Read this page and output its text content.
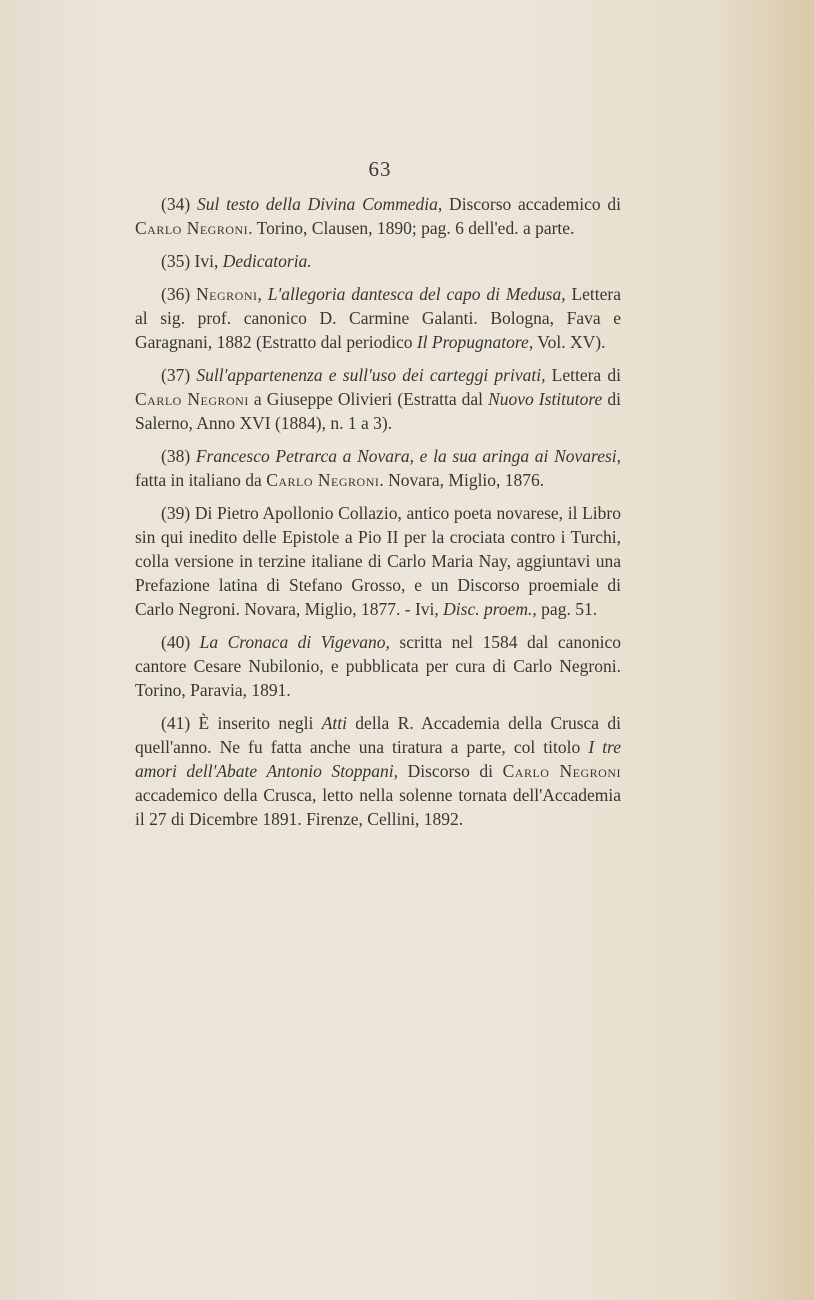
63

(34) Sul testo della Divina Commedia, Discorso accademico di Carlo Negroni. Torino, Clausen, 1890; pag. 6 dell'ed. a parte.

(35) Ivi, Dedicatoria.

(36) Negroni, L'allegoria dantesca del capo di Medusa, Lettera al sig. prof. canonico D. Carmine Galanti. Bologna, Fava e Garagnani, 1882 (Estratto dal periodico Il Propugnatore, Vol. XV).

(37) Sull'appartenenza e sull'uso dei carteggi privati, Lettera di Carlo Negroni a Giuseppe Olivieri (Estratta dal Nuovo Istitutore di Salerno, Anno XVI (1884), n. 1 a 3).

(38) Francesco Petrarca a Novara, e la sua aringa ai Novaresi, fatta in italiano da Carlo Negroni. Novara, Miglio, 1876.

(39) Di Pietro Apollonio Collazio, antico poeta novarese, il Libro sin qui inedito delle Epistole a Pio II per la crociata contro i Turchi, colla versione in terzine italiane di Carlo Maria Nay, aggiuntavi una Prefazione latina di Stefano Grosso, e un Discorso proemiale di Carlo Negroni. Novara, Miglio, 1877. - Ivi, Disc. proem., pag. 51.

(40) La Cronaca di Vigevano, scritta nel 1584 dal canonico cantore Cesare Nubilonio, e pubblicata per cura di Carlo Negroni. Torino, Paravia, 1891.

(41) È inserito negli Atti della R. Accademia della Crusca di quell'anno. Ne fu fatta anche una tiratura a parte, col titolo I tre amori dell'Abate Antonio Stoppani, Discorso di Carlo Negroni accademico della Crusca, letto nella solenne tornata dell'Accademia il 27 di Dicembre 1891. Firenze, Cellini, 1892.
